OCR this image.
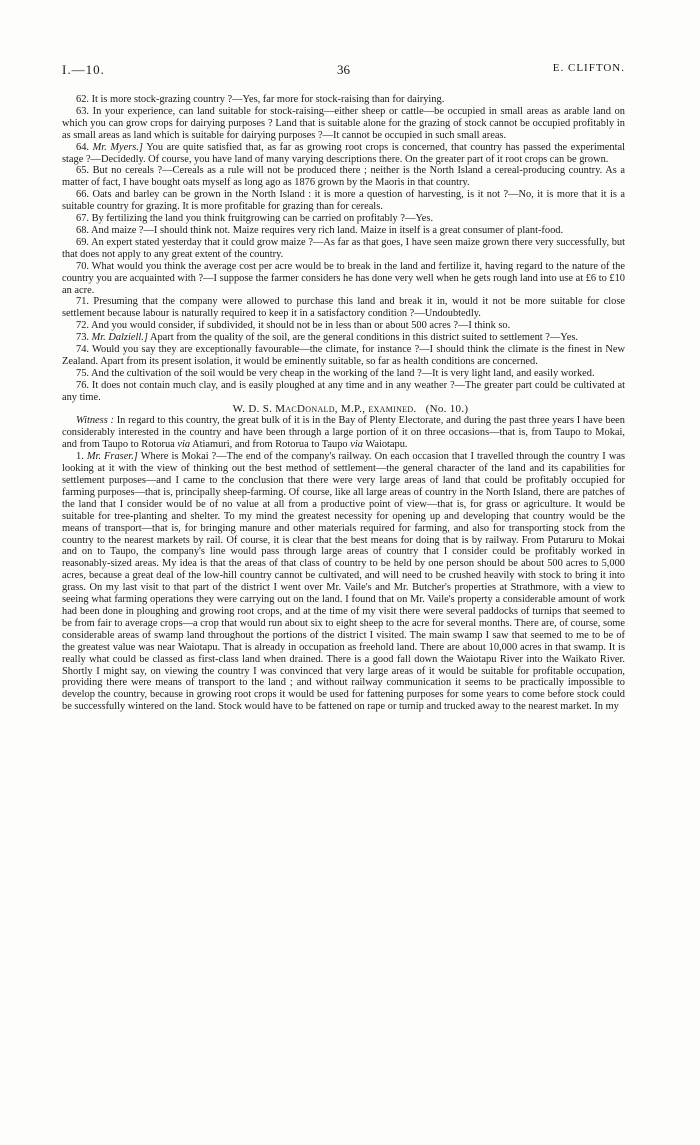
I.—10.	36	E. CLIFTON.

62. It is more stock-grazing country ?—Yes, far more for stock-raising than for dairying.

63. In your experience, can land suitable for stock-raising—either sheep or cattle—be occupied in small areas as arable land on which you can grow crops for dairying purposes ? Land that is suitable alone for the grazing of stock cannot be occupied profitably in as small areas as land which is suitable for dairying purposes ?—It cannot be occupied in such small areas.

64. Mr. Myers.] You are quite satisfied that, as far as growing root crops is concerned, that country has passed the experimental stage ?—Decidedly. Of course, you have land of many varying descriptions there. On the greater part of it root crops can be grown.

65. But no cereals ?—Cereals as a rule will not be produced there ; neither is the North Island a cereal-producing country. As a matter of fact, I have bought oats myself as long ago as 1876 grown by the Maoris in that country.

66. Oats and barley can be grown in the North Island : it is more a question of harvesting, is it not ?—No, it is more that it is a suitable country for grazing. It is more profitable for grazing than for cereals.

67. By fertilizing the land you think fruitgrowing can be carried on profitably ?—Yes.

68. And maize ?—I should think not. Maize requires very rich land. Maize in itself is a great consumer of plant-food.

69. An expert stated yesterday that it could grow maize ?—As far as that goes, I have seen maize grown there very successfully, but that does not apply to any great extent of the country.

70. What would you think the average cost per acre would be to break in the land and fertilize it, having regard to the nature of the country you are acquainted with ?—I suppose the farmer considers he has done very well when he gets rough land into use at £6 to £10 an acre.

71. Presuming that the company were allowed to purchase this land and break it in, would it not be more suitable for close settlement because labour is naturally required to keep it in a satisfactory condition ?—Undoubtedly.

72. And you would consider, if subdivided, it should not be in less than or about 500 acres ?—I think so.

73. Mr. Dalziell.] Apart from the quality of the soil, are the general conditions in this district suited to settlement ?—Yes.

74. Would you say they are exceptionally favourable—the climate, for instance ?—I should think the climate is the finest in New Zealand. Apart from its present isolation, it would be eminently suitable, so far as health conditions are concerned.

75. And the cultivation of the soil would be very cheap in the working of the land ?—It is very light land, and easily worked.

76. It does not contain much clay, and is easily ploughed at any time and in any weather ?—The greater part could be cultivated at any time.

W. D. S. MacDonald, M.P., examined. (No. 10.)

Witness : In regard to this country, the great bulk of it is in the Bay of Plenty Electorate, and during the past three years I have been considerably interested in the country and have been through a large portion of it on three occasions—that is, from Taupo to Mokai, and from Taupo to Rotorua via Atiamuri, and from Rotorua to Taupo via Waiotapu.

1. Mr. Fraser.] Where is Mokai ?—The end of the company's railway. On each occasion that I travelled through the country I was looking at it with the view of thinking out the best method of settlement—the general character of the land and its capabilities for settlement purposes—and I came to the conclusion that there were very large areas of land that could be profitably occupied for farming purposes—that is, principally sheep-farming. Of course, like all large areas of country in the North Island, there are patches of the land that I consider would be of no value at all from a productive point of view—that is, for grass or agriculture. It would be suitable for tree-planting and shelter. To my mind the greatest necessity for opening up and developing that country would be the means of transport—that is, for bringing manure and other materials required for farming, and also for transporting stock from the country to the nearest markets by rail. Of course, it is clear that the best means for doing that is by railway. From Putaruru to Mokai and on to Taupo, the company's line would pass through large areas of country that I consider could be profitably worked in reasonably-sized areas. My idea is that the areas of that class of country to be held by one person should be about 500 acres to 5,000 acres, because a great deal of the low-hill country cannot be cultivated, and will need to be crushed heavily with stock to bring it into grass. On my last visit to that part of the district I went over Mr. Vaile's and Mr. Butcher's properties at Strathmore, with a view to seeing what farming operations they were carrying out on the land. I found that on Mr. Vaile's property a considerable amount of work had been done in ploughing and growing root crops, and at the time of my visit there were several paddocks of turnips that seemed to be from fair to average crops—a crop that would run about six to eight sheep to the acre for several months. There are, of course, some considerable areas of swamp land throughout the portions of the district I visited. The main swamp I saw that seemed to me to be of the greatest value was near Waiotapu. That is already in occupation as freehold land. There are about 10,000 acres in that swamp. It is really what could be classed as first-class land when drained. There is a good fall down the Waiotapu River into the Waikato River. Shortly I might say, on viewing the country I was convinced that very large areas of it would be suitable for profitable occupation, providing there were means of transport to the land ; and without railway communication it seems to be practically impossible to develop the country, because in growing root crops it would be used for fattening purposes for some years to come before stock could be successfully wintered on the land. Stock would have to be fattened on rape or turnip and trucked away to the nearest market. In my
